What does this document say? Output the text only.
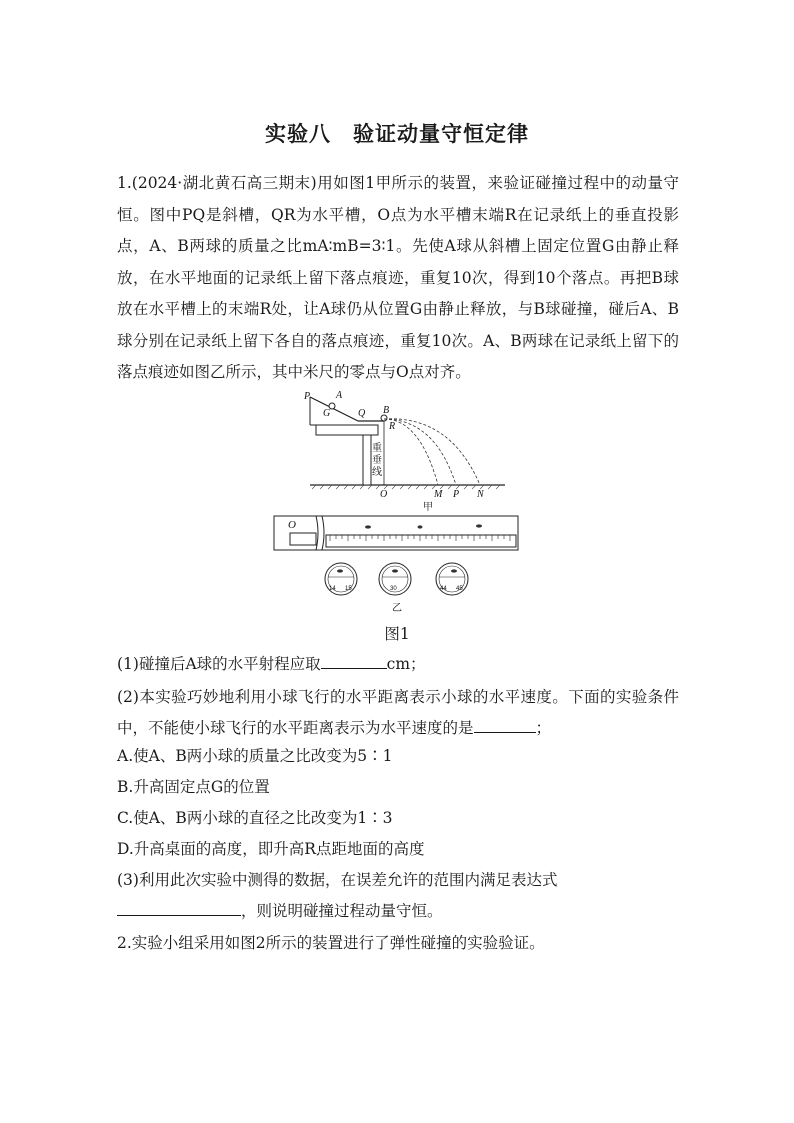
实验八　验证动量守恒定律
1.(2024·湖北黄石高三期末)用如图1甲所示的装置，来验证碰撞过程中的动量守恒。图中PQ是斜槽，QR为水平槽，O点为水平槽末端R在记录纸上的垂直投影点，A、B两球的质量之比mA∶mB=3∶1。先使A球从斜槽上固定位置G由静止释放，在水平地面的记录纸上留下落点痕迹，重复10次，得到10个落点。再把B球放在水平槽上的末端R处，让A球仍从位置G由静止释放，与B球碰撞，碰后A、B球分别在记录纸上留下各自的落点痕迹，重复10次。A、B两球在记录纸上留下的落点痕迹如图乙所示，其中米尺的零点与O点对齐。
P	A
G	Q B
R
O	M P N
重
垂
线
甲
O
14 15	30	44 45
乙
图1
(1)碰撞后A球的水平射程应取	cm；
(2)本实验巧妙地利用小球飞行的水平距离表示小球的水平速度。下面的实验条件中，不能使小球飞行的水平距离表示为水平速度的是	；
A.使A、B两小球的质量之比改变为5∶1
B.升高固定点G的位置
C.使A、B两小球的直径之比改变为1∶3
D.升高桌面的高度，即升高R点距地面的高度
(3)利用此次实验中测得的数据，在误差允许的范围内满足表达式
，则说明碰撞过程动量守恒。
2.实验小组采用如图2所示的装置进行了弹性碰撞的实验验证。
